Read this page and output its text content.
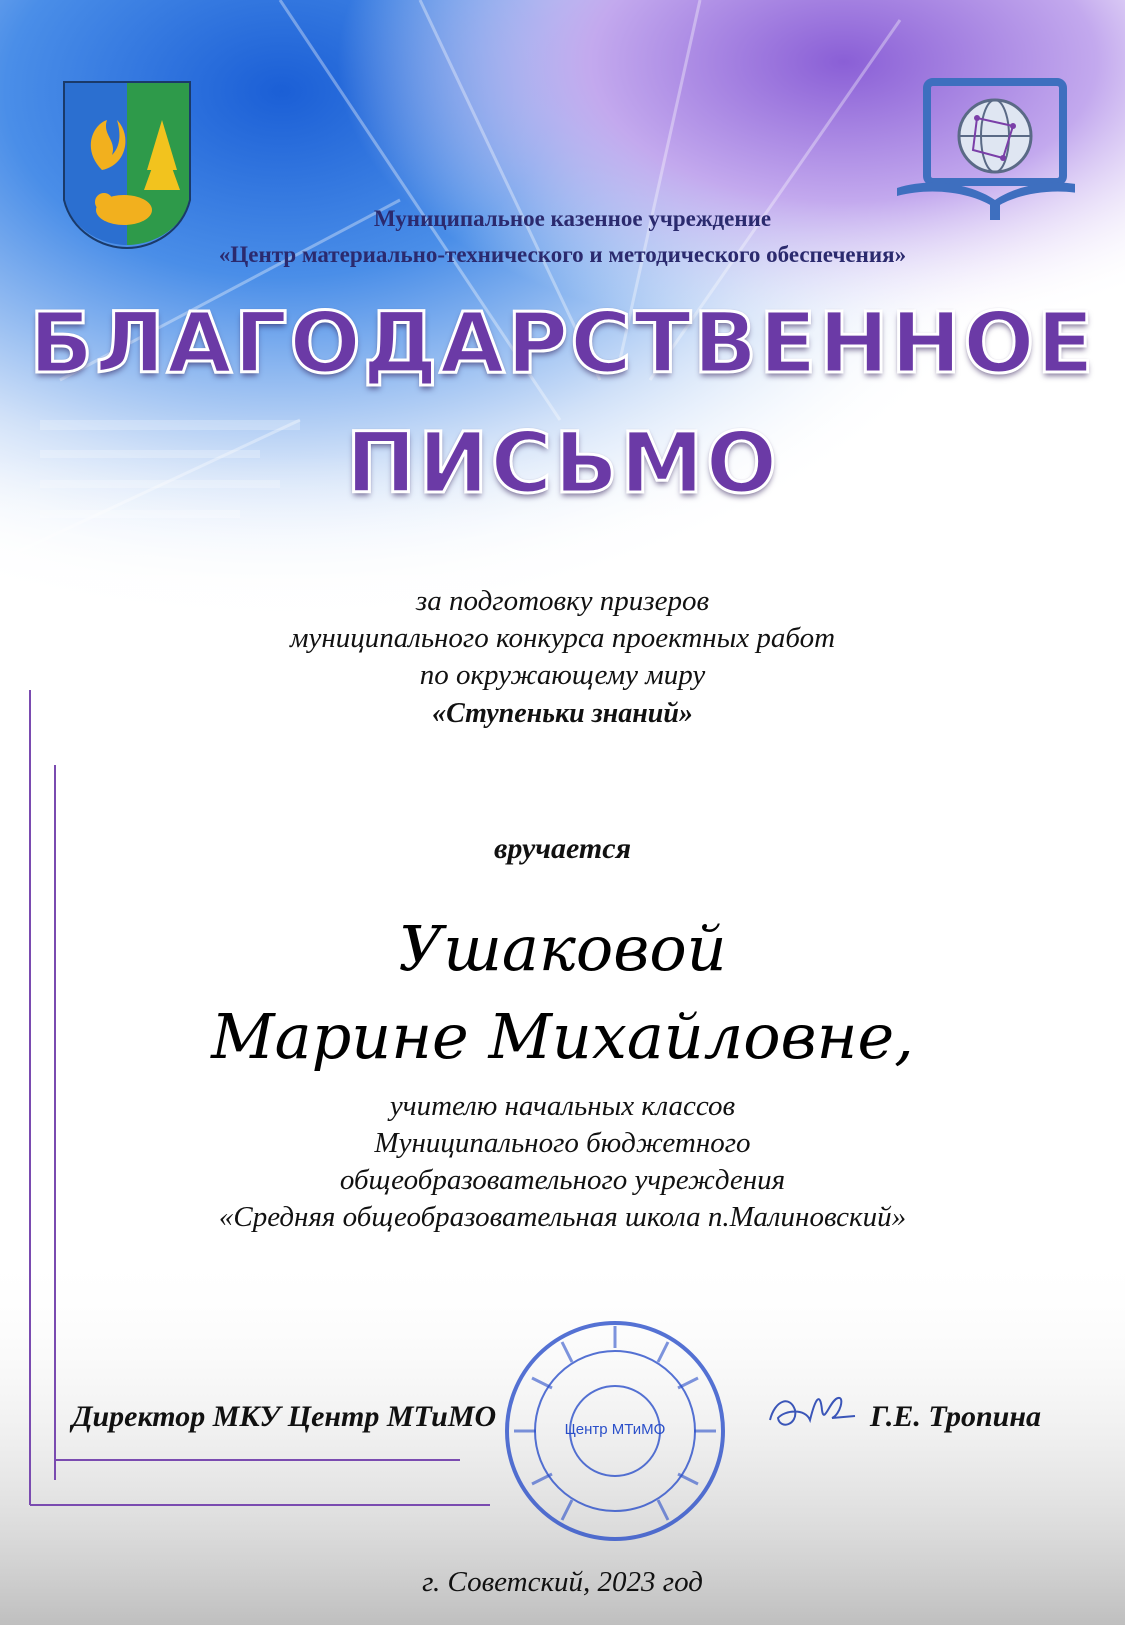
Муниципальное казенное учреждение
«Центр материально-технического и методического обеспечения»
БЛАГОДАРСТВЕННОЕ
ПИСЬМО
за подготовку призеров
муниципального конкурса проектных работ
по окружающему миру
«Ступеньки знаний»
вручается
Ушаковой
Марине Михайловне,
учителю начальных классов
Муниципального бюджетного
общеобразовательного учреждения
«Средняя общеобразовательная школа п.Малиновский»
Центр МТиМО
Директор МКУ Центр МТиМО	Г.Е. Тропина
г. Советский, 2023 год
